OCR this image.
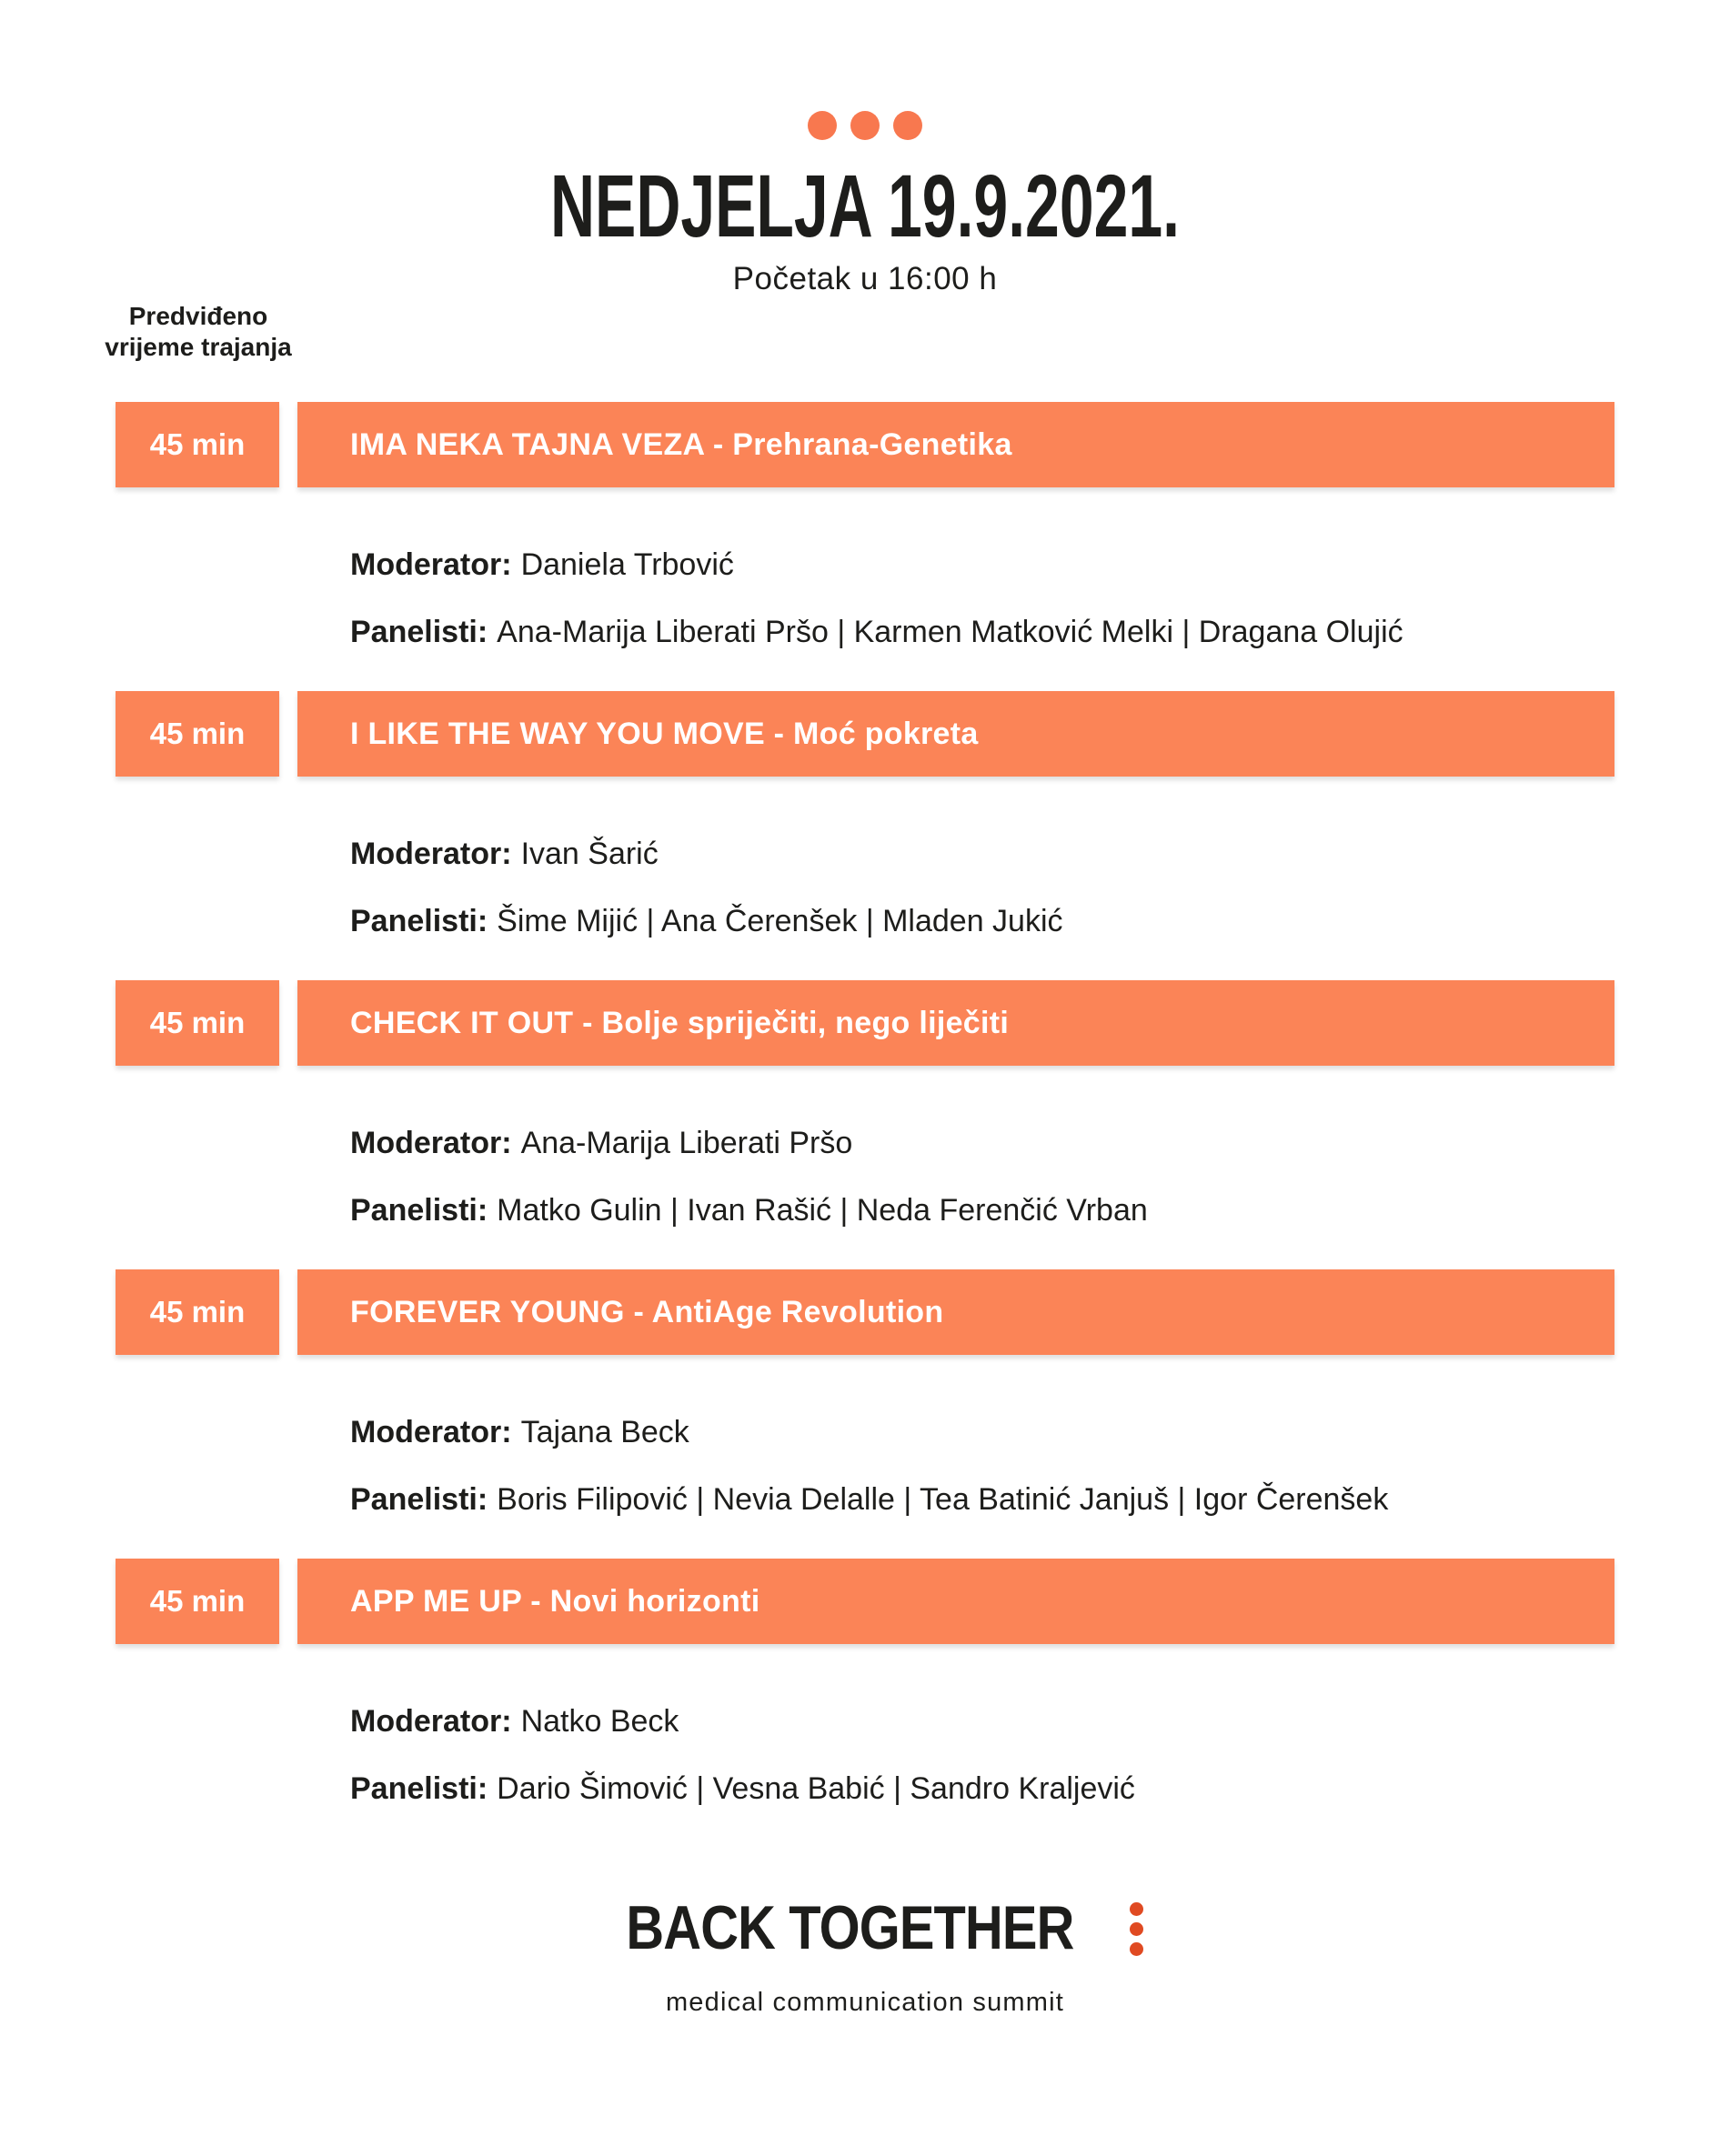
NEDJELJA 19.9.2021.
Početak u 16:00 h
Predviđeno
vrijeme trajanja
45 min	IMA NEKA TAJNA VEZA - Prehrana-Genetika
Moderator: Daniela Trbović
Panelisti: Ana-Marija Liberati Pršo | Karmen Matković Melki | Dragana Olujić
45 min	I LIKE THE WAY YOU MOVE - Moć pokreta
Moderator: Ivan Šarić
Panelisti: Šime Mijić | Ana Čerenšek | Mladen Jukić
45 min	CHECK IT OUT - Bolje spriječiti, nego liječiti
Moderator: Ana-Marija Liberati Pršo
Panelisti: Matko Gulin | Ivan Rašić | Neda Ferenčić Vrban
45 min	FOREVER YOUNG - AntiAge Revolution
Moderator: Tajana Beck
Panelisti: Boris Filipović | Nevia Delalle | Tea Batinić Janjuš | Igor Čerenšek
45 min	APP ME UP - Novi horizonti
Moderator: Natko Beck
Panelisti: Dario Šimović | Vesna Babić | Sandro Kraljević
BACK TOGETHER
medical communication summit
